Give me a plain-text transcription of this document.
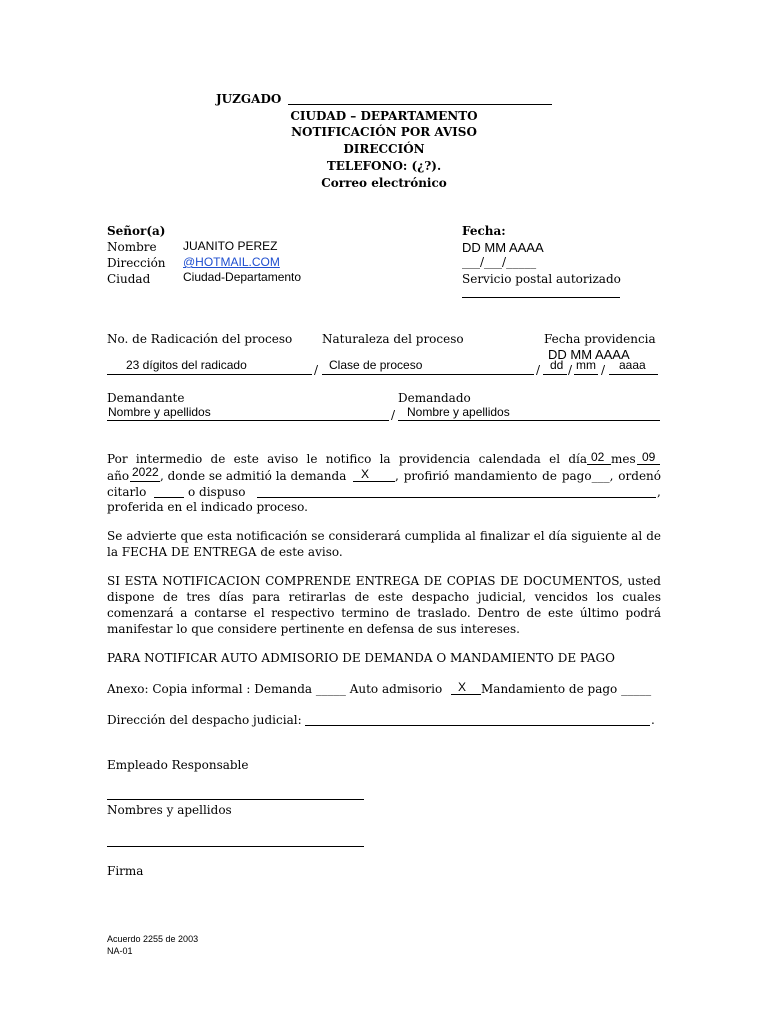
JUZGADO
CIUDAD – DEPARTAMENTO
NOTIFICACIÓN POR AVISO
DIRECCIÓN
TELEFONO: (¿?).
Correo electrónico
Señor(a)
Nombre JUANITO PEREZ
Dirección @HOTMAIL.COM
Ciudad	Ciudad-Departamento
Fecha:
DD MM AAAA
___/___/_____
Servicio postal autorizado
No. de Radicación del proceso Naturaleza del proceso	Fecha providencia
DD MM AAAA
23 dígitos del radicado	/ Clase de proceso	/ dd / mm / aaaa
Demandante	Demandado
Nombre y apellidos	/ Nombre y apellidos
Por intermedio de este aviso le notifico la providencia calendada el día 02 mes 09
año 2022 , donde se admitió la demanda X , profirió mandamiento de pago___, ordenó
citarlo	o dispuso	,
proferida en el indicado proceso.
Se advierte que esta notificación se considerará cumplida al finalizar el día siguiente al de
la FECHA DE ENTREGA de este aviso.
SI ESTA NOTIFICACION COMPRENDE ENTREGA DE COPIAS DE DOCUMENTOS, usted
dispone de tres días para retirarlas de este despacho judicial, vencidos los cuales
comenzará a contarse el respectivo termino de traslado. Dentro de este último podrá
manifestar lo que considere pertinente en defensa de sus intereses.
PARA NOTIFICAR AUTO ADMISORIO DE DEMANDA O MANDAMIENTO DE PAGO
Anexo: Copia informal : Demanda _____ Auto admisorio X Mandamiento de pago _____
Dirección del despacho judicial:	.
Empleado Responsable
Nombres y apellidos
Firma
Acuerdo 2255 de 2003
NA-01
